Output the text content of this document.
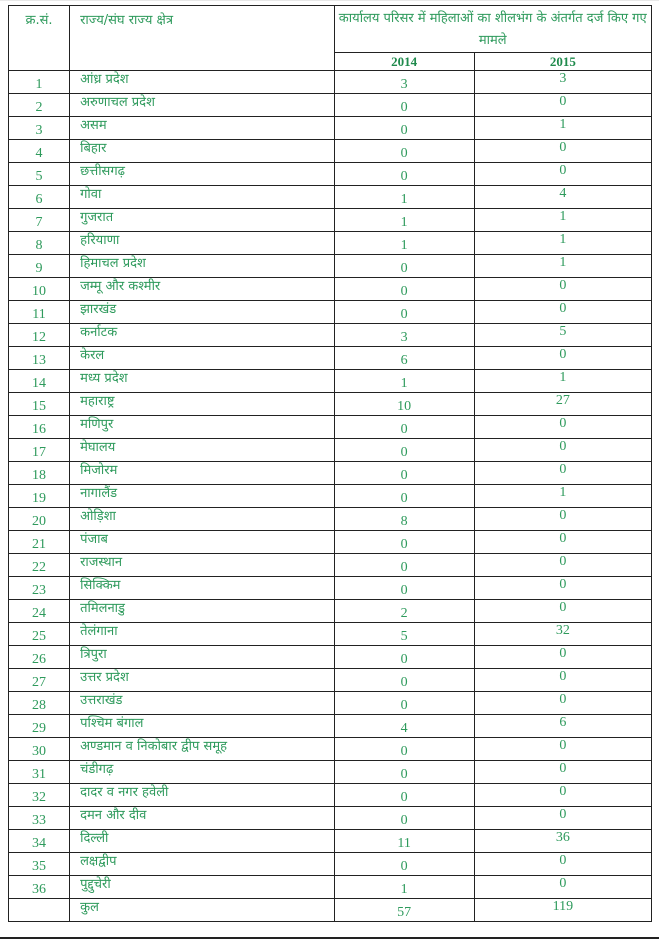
क्र.सं.	राज्य/संघ राज्य क्षेत्र	कार्यालय परिसर में महिलाओं का शीलभंग के अंतर्गत दर्ज किए गए मामले	
		2014	2015
1	आंध्र प्रदेश	3	3
2	अरुणाचल प्रदेश	0	0
3	असम	0	1
4	बिहार	0	0
5	छत्तीसगढ़	0	0
6	गोवा	1	4
7	गुजरात	1	1
8	हरियाणा	1	1
9	हिमाचल प्रदेश	0	1
10	जम्मू और कश्मीर	0	0
11	झारखंड	0	0
12	कर्नाटक	3	5
13	केरल	6	0
14	मध्य प्रदेश	1	1
15	महाराष्ट्र	10	27
16	मणिपुर	0	0
17	मेघालय	0	0
18	मिजोरम	0	0
19	नागालैंड	0	1
20	ओड़िशा	8	0
21	पंजाब	0	0
22	राजस्थान	0	0
23	सिक्किम	0	0
24	तमिलनाडु	2	0
25	तेलंगाना	5	32
26	त्रिपुरा	0	0
27	उत्तर प्रदेश	0	0
28	उत्तराखंड	0	0
29	पश्चिम बंगाल	4	6
30	अण्डमान व निकोबार द्वीप समूह	0	0
31	चंडीगढ़	0	0
32	दादर व नगर हवेली	0	0
33	दमन और दीव	0	0
34	दिल्ली	11	36
35	लक्षद्वीप	0	0
36	पुद्दुचेरी	1	0
	कुल	57	119
